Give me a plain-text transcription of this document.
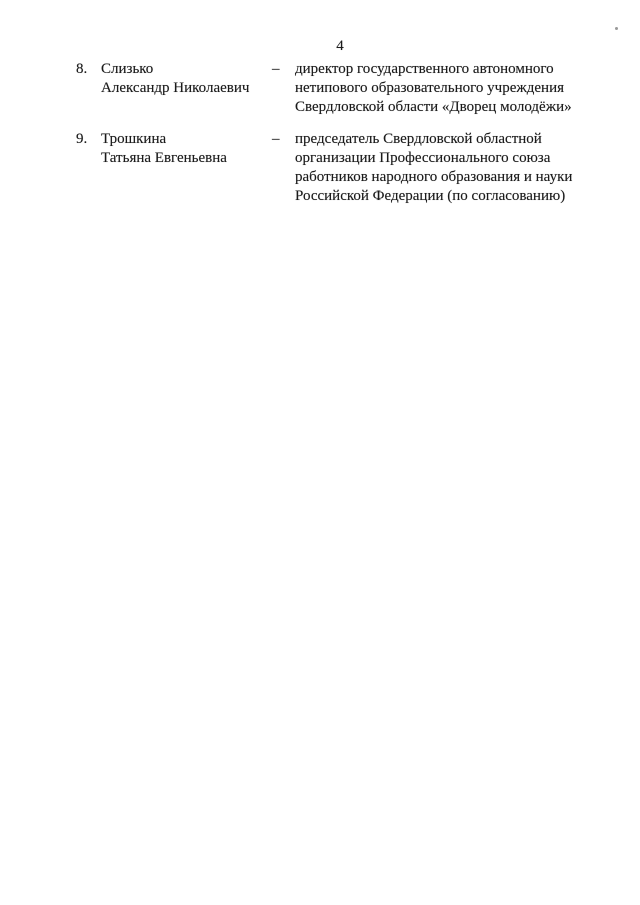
4
8. Слизько
Александр Николаевич
–	директор государственного автономного
нетипового образовательного учреждения
Свердловской области «Дворец молодёжи»
9. Трошкина
Татьяна Евгеньевна
–	председатель Свердловской областной
организации Профессионального союза
работников народного образования и науки
Российской Федерации (по согласованию)
